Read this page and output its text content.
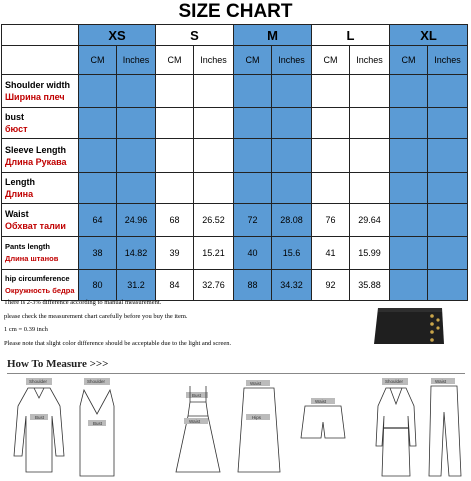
SIZE CHART
	XS		S		M		L		XL	
	CM	Inches	CM	Inches	CM	Inches	CM	Inches	CM	Inches

Shoulder width
Ширина плеч										

bust
бюст										

Sleeve Length
Длина Рукава										

Length
Длина										

Waist
Обхват талии	64	24.96	68	26.52	72	28.08	76	29.64		

Pants length
Длина штанов	38	14.82	39	15.21	40	15.6	41	15.99		

hip circumference
Окружность бедра	80	31.2	84	32.76	88	34.32	92	35.88		
There is 2-3% difference according to manual measurement.
please check the measurement chart carefully before you buy the item.
1 cm = 0.39 inch
Please note that slight color difference should be acceptable due to the light and screen.
How To Measure >>>
Shoulder
Bust
Shoulder
Bust
Bust
Waist
Waist
Hips
Waist
Shoulder	Waist
